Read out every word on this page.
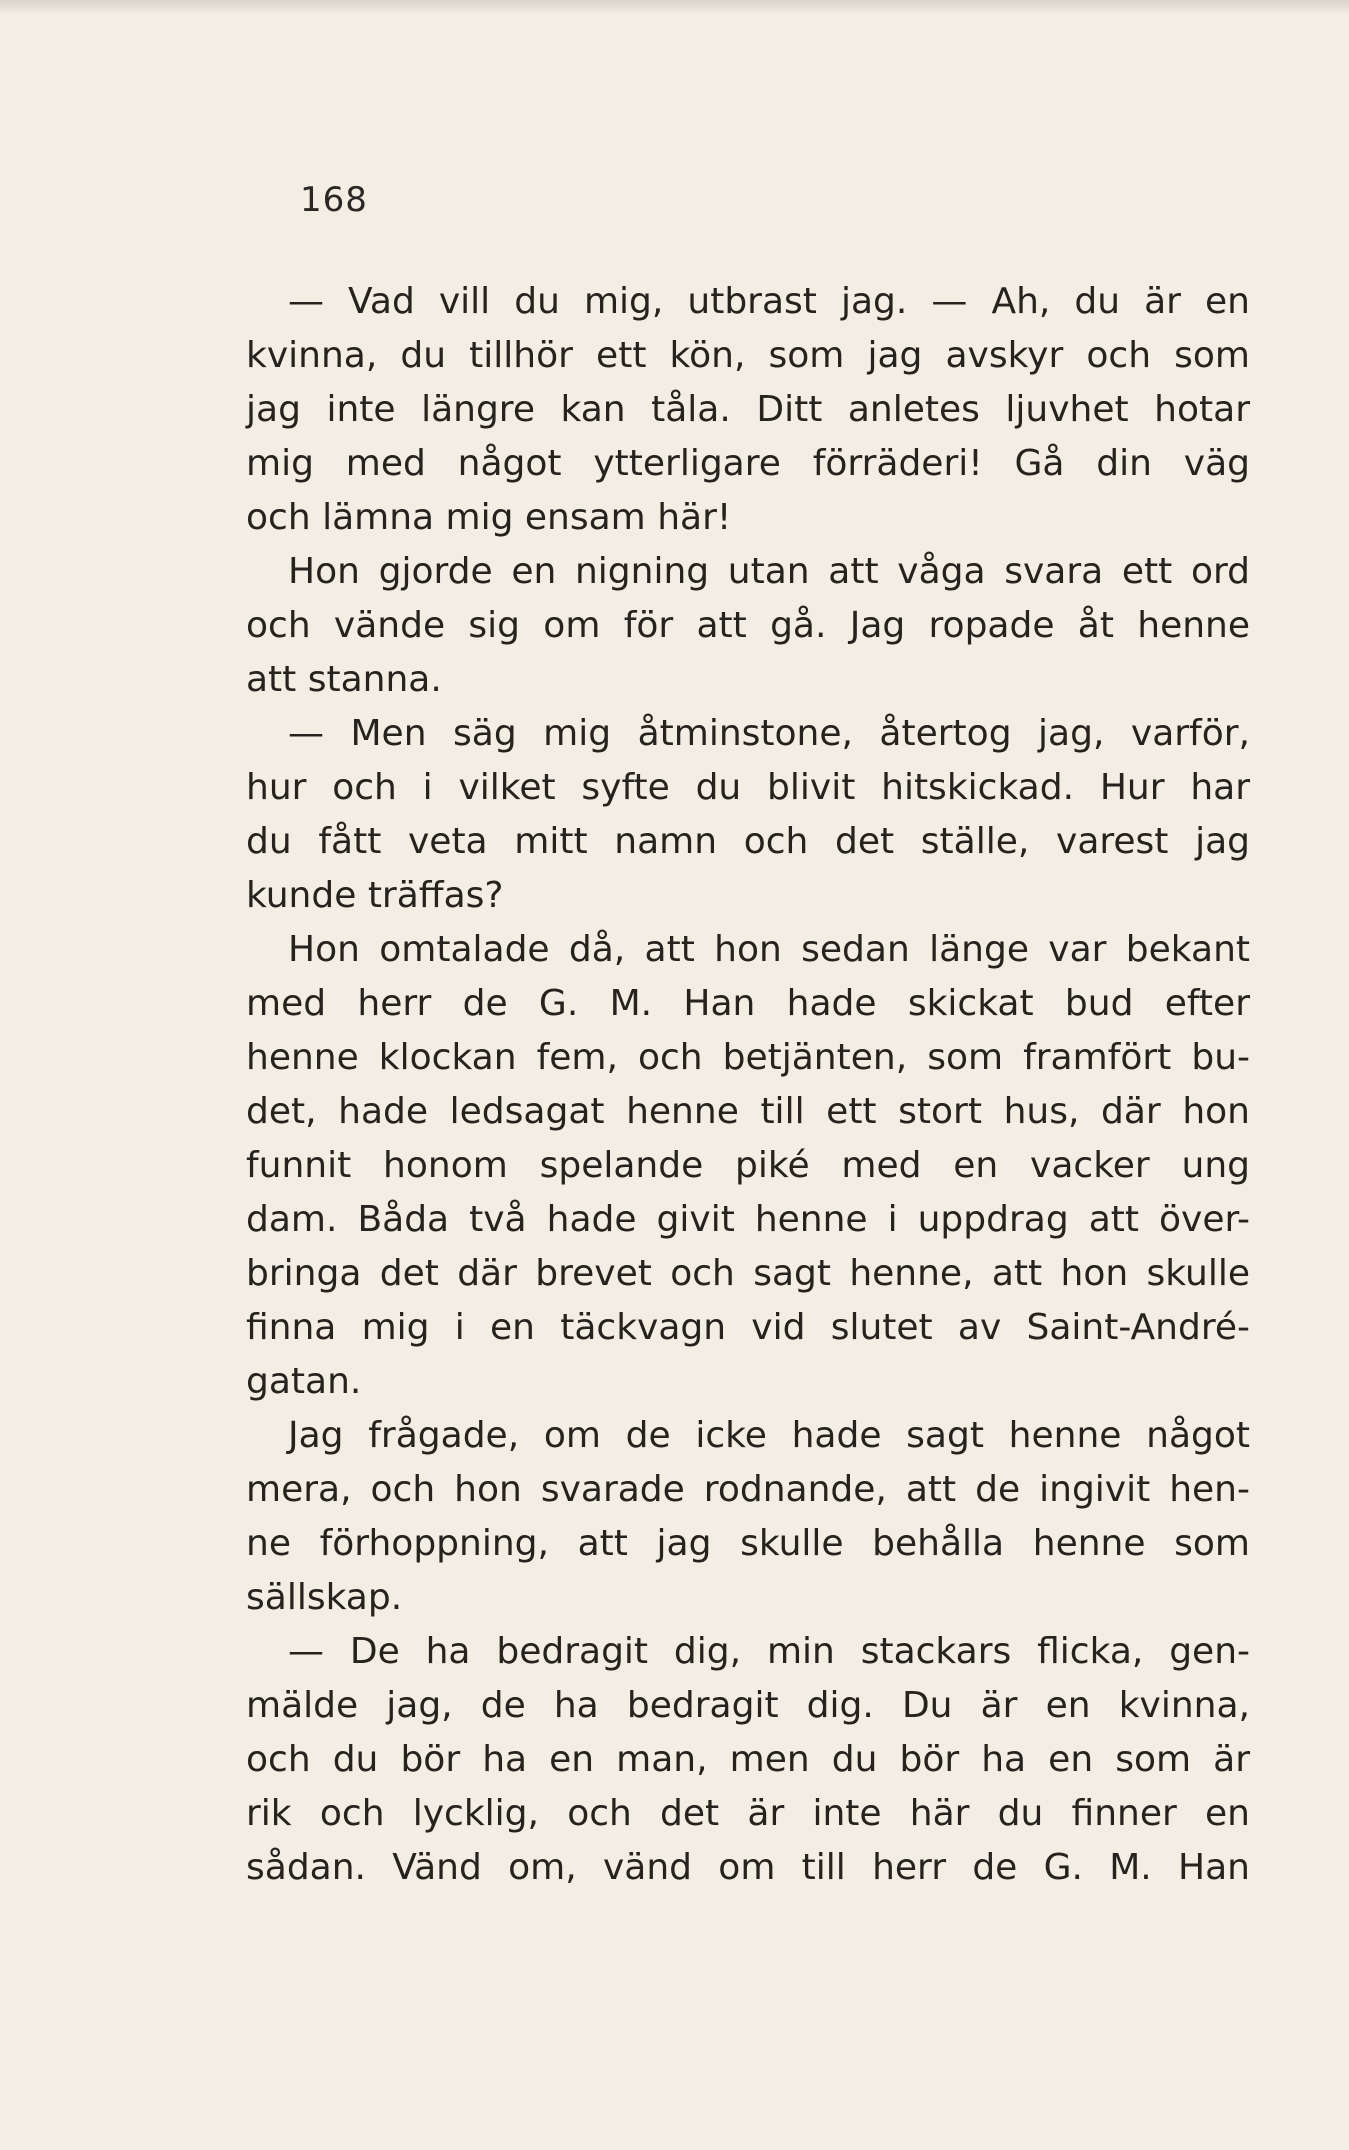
168
— Vad vill du mig, utbrast jag. — Ah, du är en
kvinna, du tillhör ett kön, som jag avskyr och som
jag inte längre kan tåla. Ditt anletes ljuvhet hotar
mig med något ytterligare förräderi! Gå din väg
och lämna mig ensam här!
Hon gjorde en nigning utan att våga svara ett ord
och vände sig om för att gå. Jag ropade åt henne
att stanna.
— Men säg mig åtminstone, återtog jag, varför,
hur och i vilket syfte du blivit hitskickad. Hur har
du fått veta mitt namn och det ställe, varest jag
kunde träffas?
Hon omtalade då, att hon sedan länge var bekant
med herr de G. M. Han hade skickat bud efter
henne klockan fem, och betjänten, som framfört bu-
det, hade ledsagat henne till ett stort hus, där hon
funnit honom spelande piké med en vacker ung
dam. Båda två hade givit henne i uppdrag att över-
bringa det där brevet och sagt henne, att hon skulle
finna mig i en täckvagn vid slutet av Saint-André-
gatan.
Jag frågade, om de icke hade sagt henne något
mera, och hon svarade rodnande, att de ingivit hen-
ne förhoppning, att jag skulle behålla henne som
sällskap.
— De ha bedragit dig, min stackars flicka, gen-
mälde jag, de ha bedragit dig. Du är en kvinna,
och du bör ha en man, men du bör ha en som är
rik och lycklig, och det är inte här du finner en
sådan. Vänd om, vänd om till herr de G. M. Han
